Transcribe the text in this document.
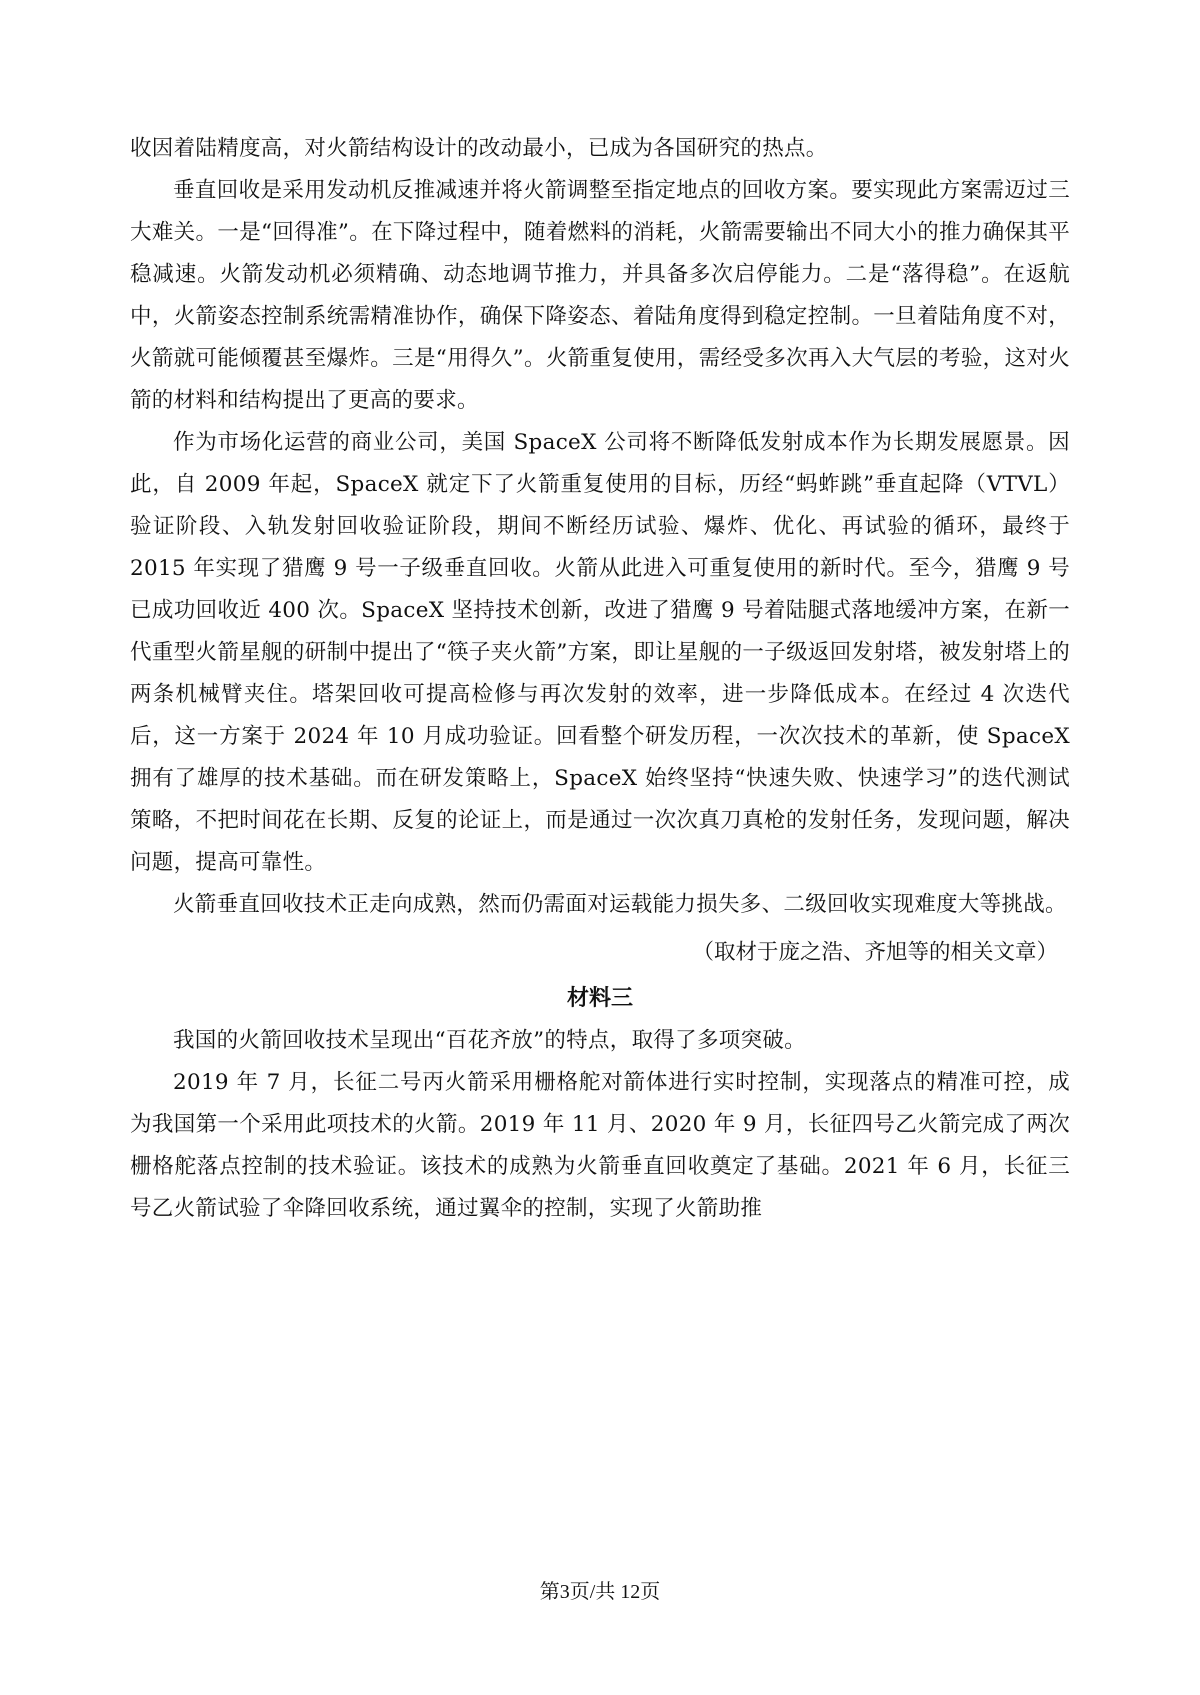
收因着陆精度高，对火箭结构设计的改动最小，已成为各国研究的热点。

垂直回收是采用发动机反推减速并将火箭调整至指定地点的回收方案。要实现此方案需迈过三大难关。一是“回得准”。在下降过程中，随着燃料的消耗，火箭需要输出不同大小的推力确保其平稳减速。火箭发动机必须精确、动态地调节推力，并具备多次启停能力。二是“落得稳”。在返航中，火箭姿态控制系统需精准协作，确保下降姿态、着陆角度得到稳定控制。一旦着陆角度不对，火箭就可能倾覆甚至爆炸。三是“用得久”。火箭重复使用，需经受多次再入大气层的考验，这对火箭的材料和结构提出了更高的要求。

作为市场化运营的商业公司，美国 SpaceX 公司将不断降低发射成本作为长期发展愿景。因此，自 2009 年起，SpaceX 就定下了火箭重复使用的目标，历经“蚂蚱跳”垂直起降（VTVL）验证阶段、入轨发射回收验证阶段，期间不断经历试验、爆炸、优化、再试验的循环，最终于 2015 年实现了猎鹰 9 号一子级垂直回收。火箭从此进入可重复使用的新时代。至今，猎鹰 9 号已成功回收近 400 次。SpaceX 坚持技术创新，改进了猎鹰 9 号着陆腿式落地缓冲方案，在新一代重型火箭星舰的研制中提出了“筷子夹火箭”方案，即让星舰的一子级返回发射塔，被发射塔上的两条机械臂夹住。塔架回收可提高检修与再次发射的效率，进一步降低成本。在经过 4 次迭代后，这一方案于 2024 年 10 月成功验证。回看整个研发历程，一次次技术的革新，使 SpaceX 拥有了雄厚的技术基础。而在研发策略上，SpaceX 始终坚持“快速失败、快速学习”的迭代测试策略，不把时间花在长期、反复的论证上，而是通过一次次真刀真枪的发射任务，发现问题，解决问题，提高可靠性。

火箭垂直回收技术正走向成熟，然而仍需面对运载能力损失多、二级回收实现难度大等挑战。

（取材于庞之浩、齐旭等的相关文章）

材料三

我国的火箭回收技术呈现出“百花齐放”的特点，取得了多项突破。

2019 年 7 月，长征二号丙火箭采用栅格舵对箭体进行实时控制，实现落点的精准可控，成为我国第一个采用此项技术的火箭。2019 年 11 月、2020 年 9 月，长征四号乙火箭完成了两次栅格舵落点控制的技术验证。该技术的成熟为火箭垂直回收奠定了基础。2021 年 6 月，长征三号乙火箭试验了伞降回收系统，通过翼伞的控制，实现了火箭助推

第3页/共 12页
